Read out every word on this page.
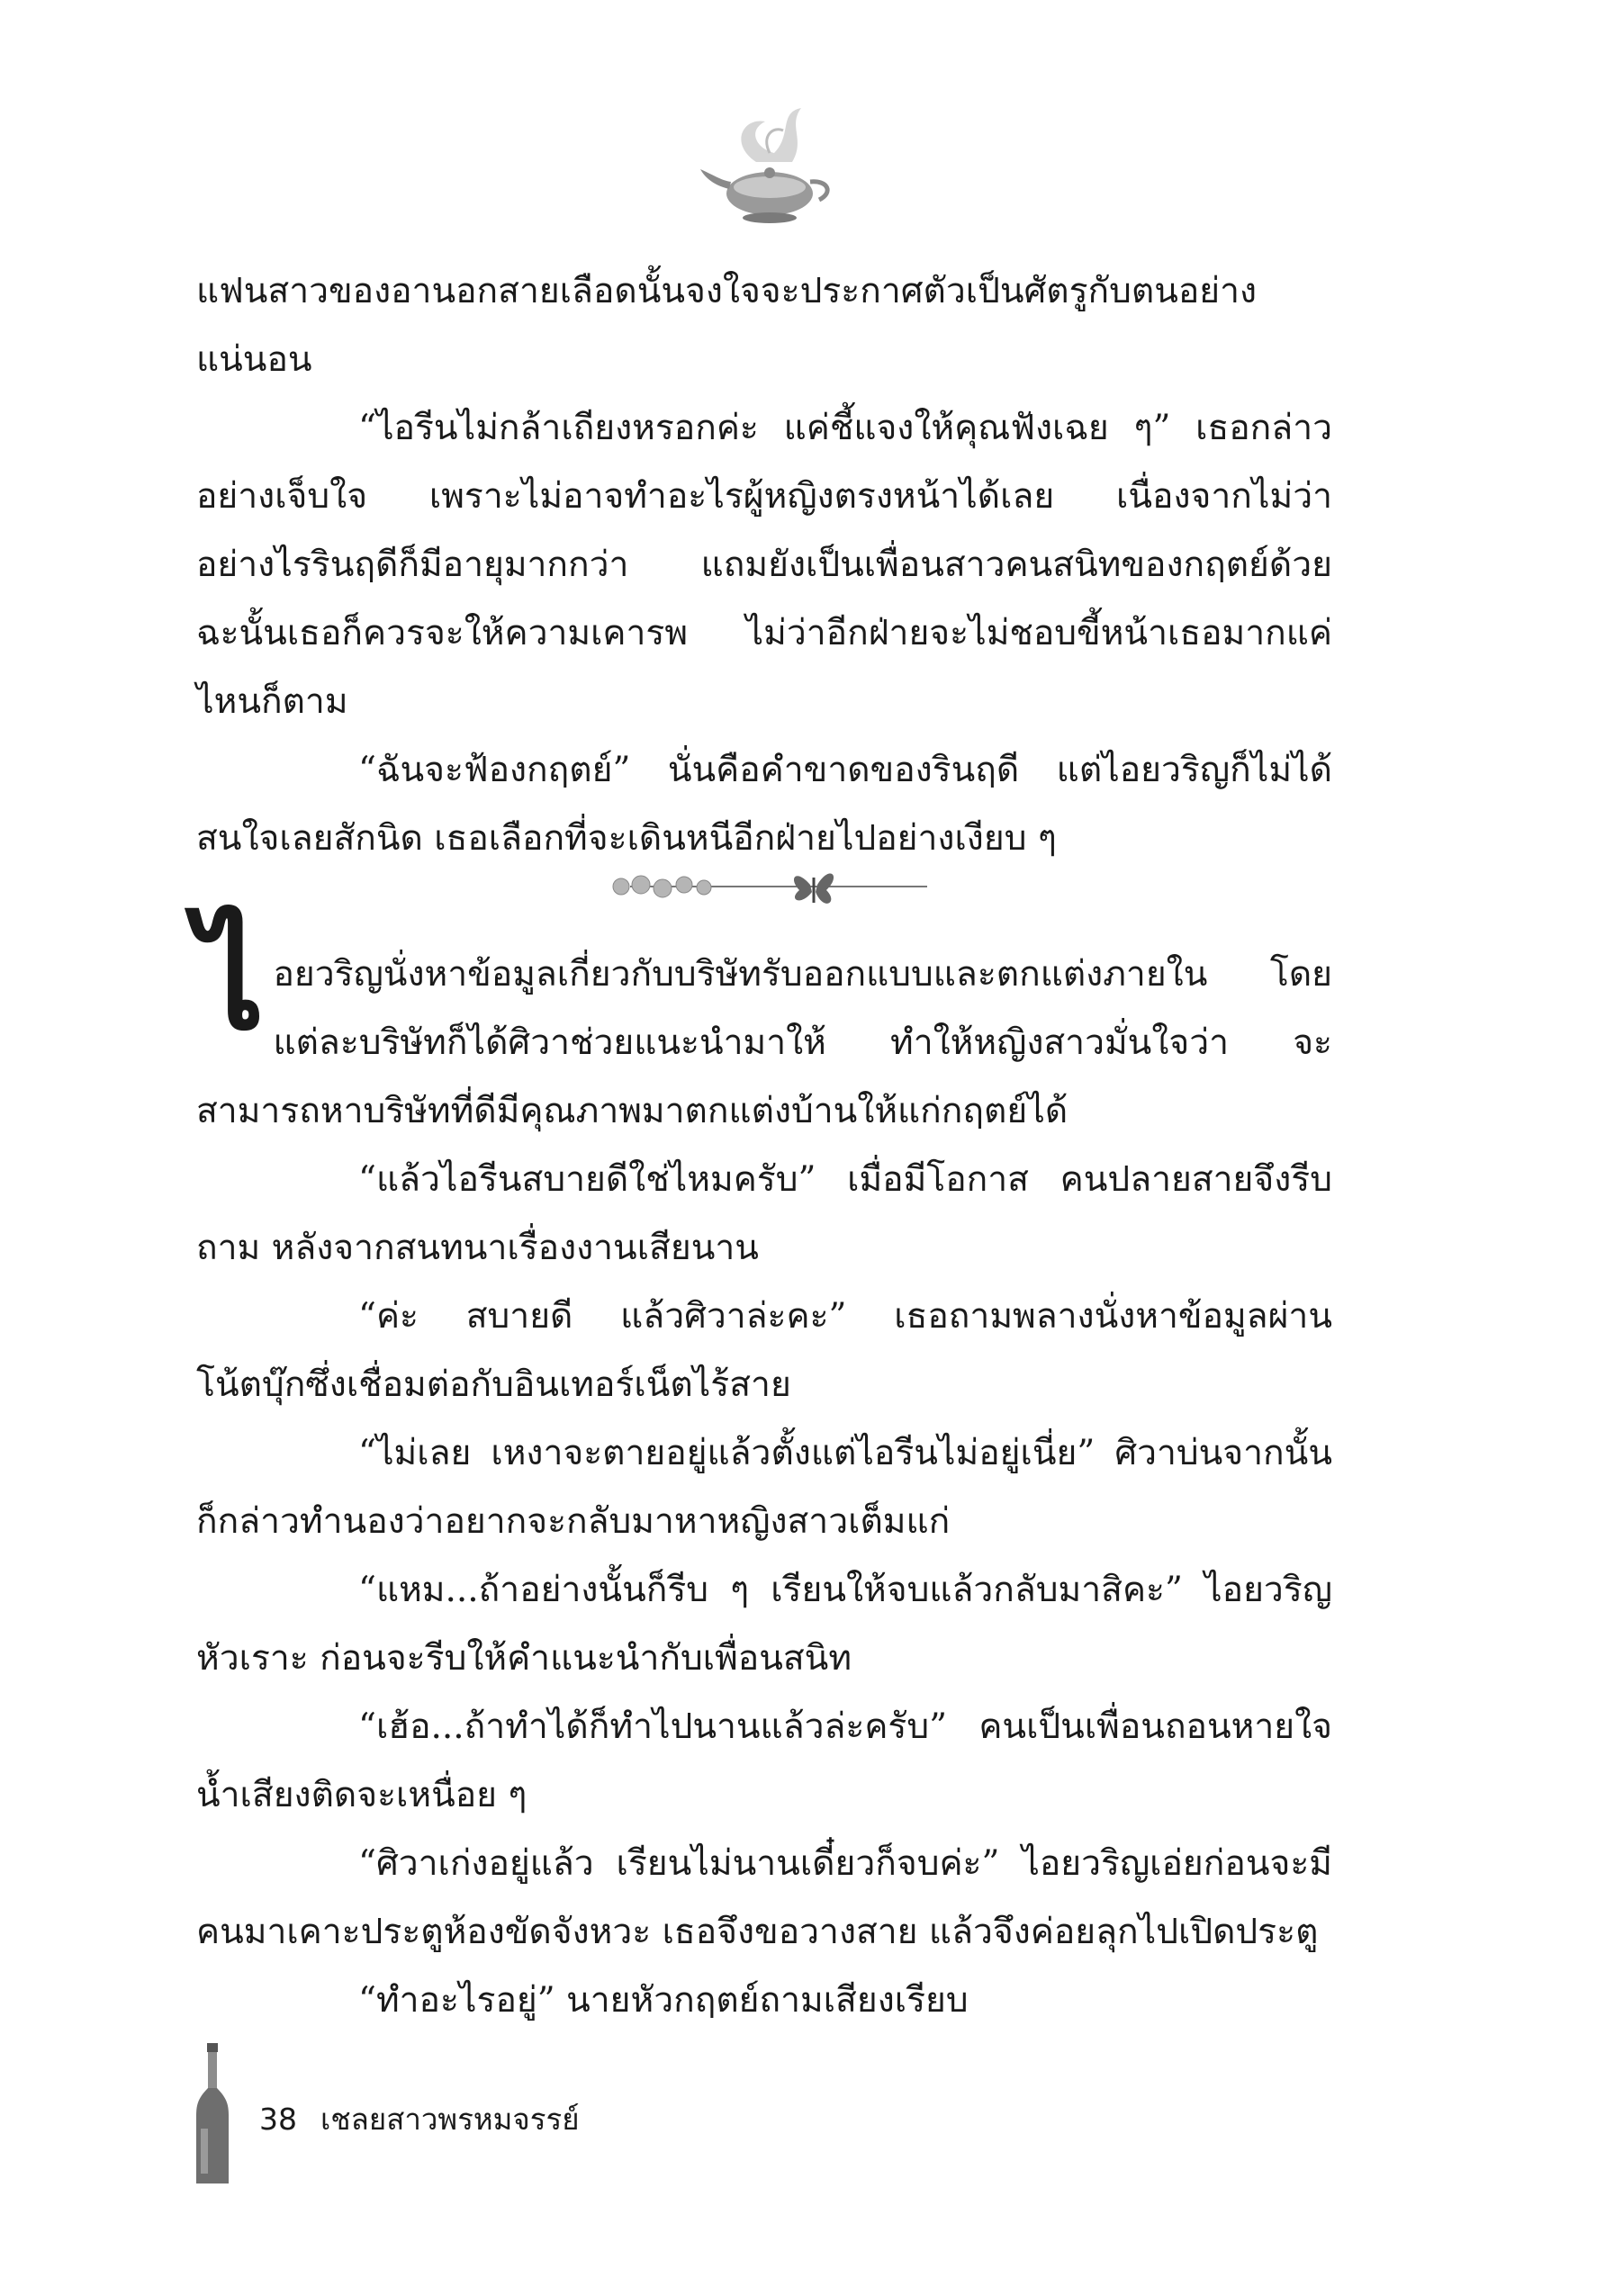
แฟนสาวของอานอกสายเลือดนั้นจงใจจะประกาศตัวเป็นศัตรูกับตนอย่างแน่นอน

“ไอรีนไม่กล้าเถียงหรอกค่ะ แค่ชี้แจงให้คุณฟังเฉย ๆ” เธอกล่าวอย่างเจ็บใจ เพราะไม่อาจทำอะไรผู้หญิงตรงหน้าได้เลย เนื่องจากไม่ว่าอย่างไรรินฤดีก็มีอายุมากกว่า แถมยังเป็นเพื่อนสาวคนสนิทของกฤตย์ด้วย ฉะนั้นเธอก็ควรจะให้ความเคารพ ไม่ว่าอีกฝ่ายจะไม่ชอบขี้หน้าเธอมากแค่ไหนก็ตาม

“ฉันจะฟ้องกฤตย์” นั่นคือคำขาดของรินฤดี แต่ไอยวริญก็ไม่ได้สนใจเลยสักนิด เธอเลือกที่จะเดินหนีอีกฝ่ายไปอย่างเงียบ ๆ

ไอยวริญนั่งหาข้อมูลเกี่ยวกับบริษัทรับออกแบบและตกแต่งภายใน โดยแต่ละบริษัทก็ได้ศิวาช่วยแนะนำมาให้ ทำให้หญิงสาวมั่นใจว่า จะสามารถหาบริษัทที่ดีมีคุณภาพมาตกแต่งบ้านให้แก่กฤตย์ได้

“แล้วไอรีนสบายดีใช่ไหมครับ” เมื่อมีโอกาส คนปลายสายจึงรีบถาม หลังจากสนทนาเรื่องงานเสียนาน

“ค่ะ สบายดี แล้วศิวาล่ะคะ” เธอถามพลางนั่งหาข้อมูลผ่านโน้ตบุ๊กซึ่งเชื่อมต่อกับอินเทอร์เน็ตไร้สาย

“ไม่เลย เหงาจะตายอยู่แล้วตั้งแต่ไอรีนไม่อยู่เนี่ย” ศิวาบ่นจากนั้นก็กล่าวทำนองว่าอยากจะกลับมาหาหญิงสาวเต็มแก่

“แหม...ถ้าอย่างนั้นก็รีบ ๆ เรียนให้จบแล้วกลับมาสิคะ” ไอยวริญหัวเราะ ก่อนจะรีบให้คำแนะนำกับเพื่อนสนิท

“เฮ้อ...ถ้าทำได้ก็ทำไปนานแล้วล่ะครับ” คนเป็นเพื่อนถอนหายใจ น้ำเสียงติดจะเหนื่อย ๆ

“ศิวาเก่งอยู่แล้ว เรียนไม่นานเดี๋ยวก็จบค่ะ” ไอยวริญเอ่ยก่อนจะมีคนมาเคาะประตูห้องขัดจังหวะ เธอจึงขอวางสาย แล้วจึงค่อยลุกไปเปิดประตู

“ทำอะไรอยู่” นายหัวกฤตย์ถามเสียงเรียบ

38 เชลยสาวพรหมจรรย์
